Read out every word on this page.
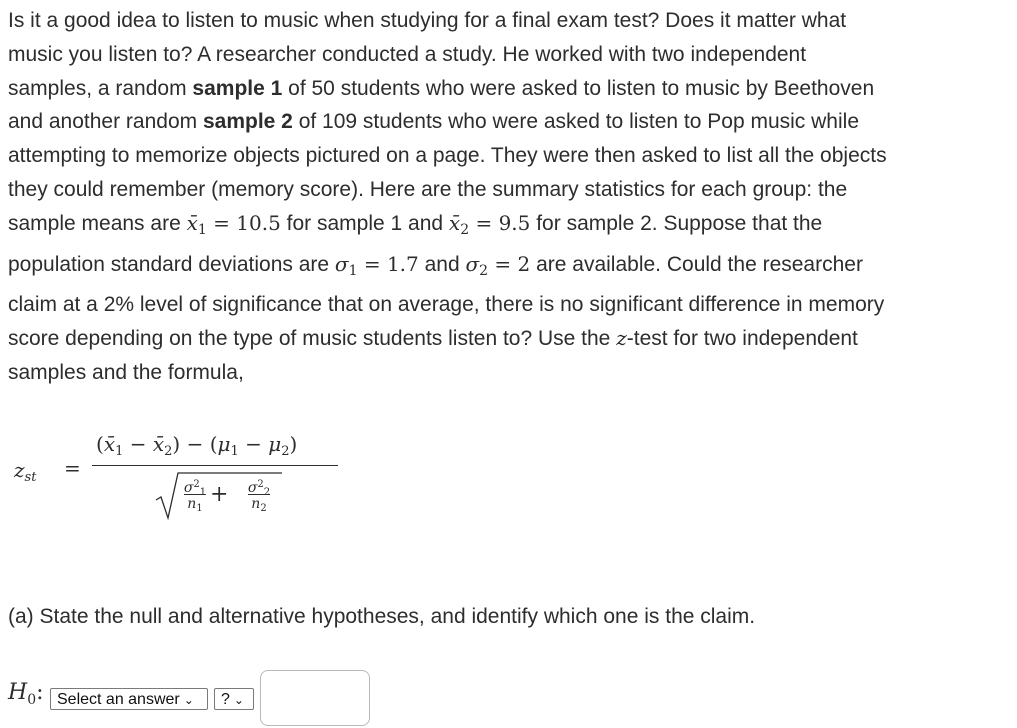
Is it a good idea to listen to music when studying for a final exam test? Does it matter what music you listen to? A researcher conducted a study. He worked with two independent samples, a random sample 1 of 50 students who were asked to listen to music by Beethoven and another random sample 2 of 109 students who were asked to listen to Pop music while attempting to memorize objects pictured on a page. They were then asked to list all the objects they could remember (memory score). Here are the summary statistics for each group: the sample means are $x̄_1 = 10.5$ for sample 1 and $x̄_2 = 9.5$ for sample 2. Suppose that the population standard deviations are $\sigma_1 = 1.7$ and $\sigma_2 = 2$ are available. Could the researcher claim at a 2% level of significance that on average, there is no significant difference in memory score depending on the type of music students listen to? Use the z-test for two independent samples and the formula,

$z_{st}$ =
($x̄_1$ − $x̄_2) - (\mu_1 - \mu_2)$
$\sigma^2_1$
$n_1$
+ $\sigma^2_2$
$n_2$

(a) State the null and alternative hypotheses, and identify which one is the claim.

$H_0$: Select an answer ⌄	? ⌄
